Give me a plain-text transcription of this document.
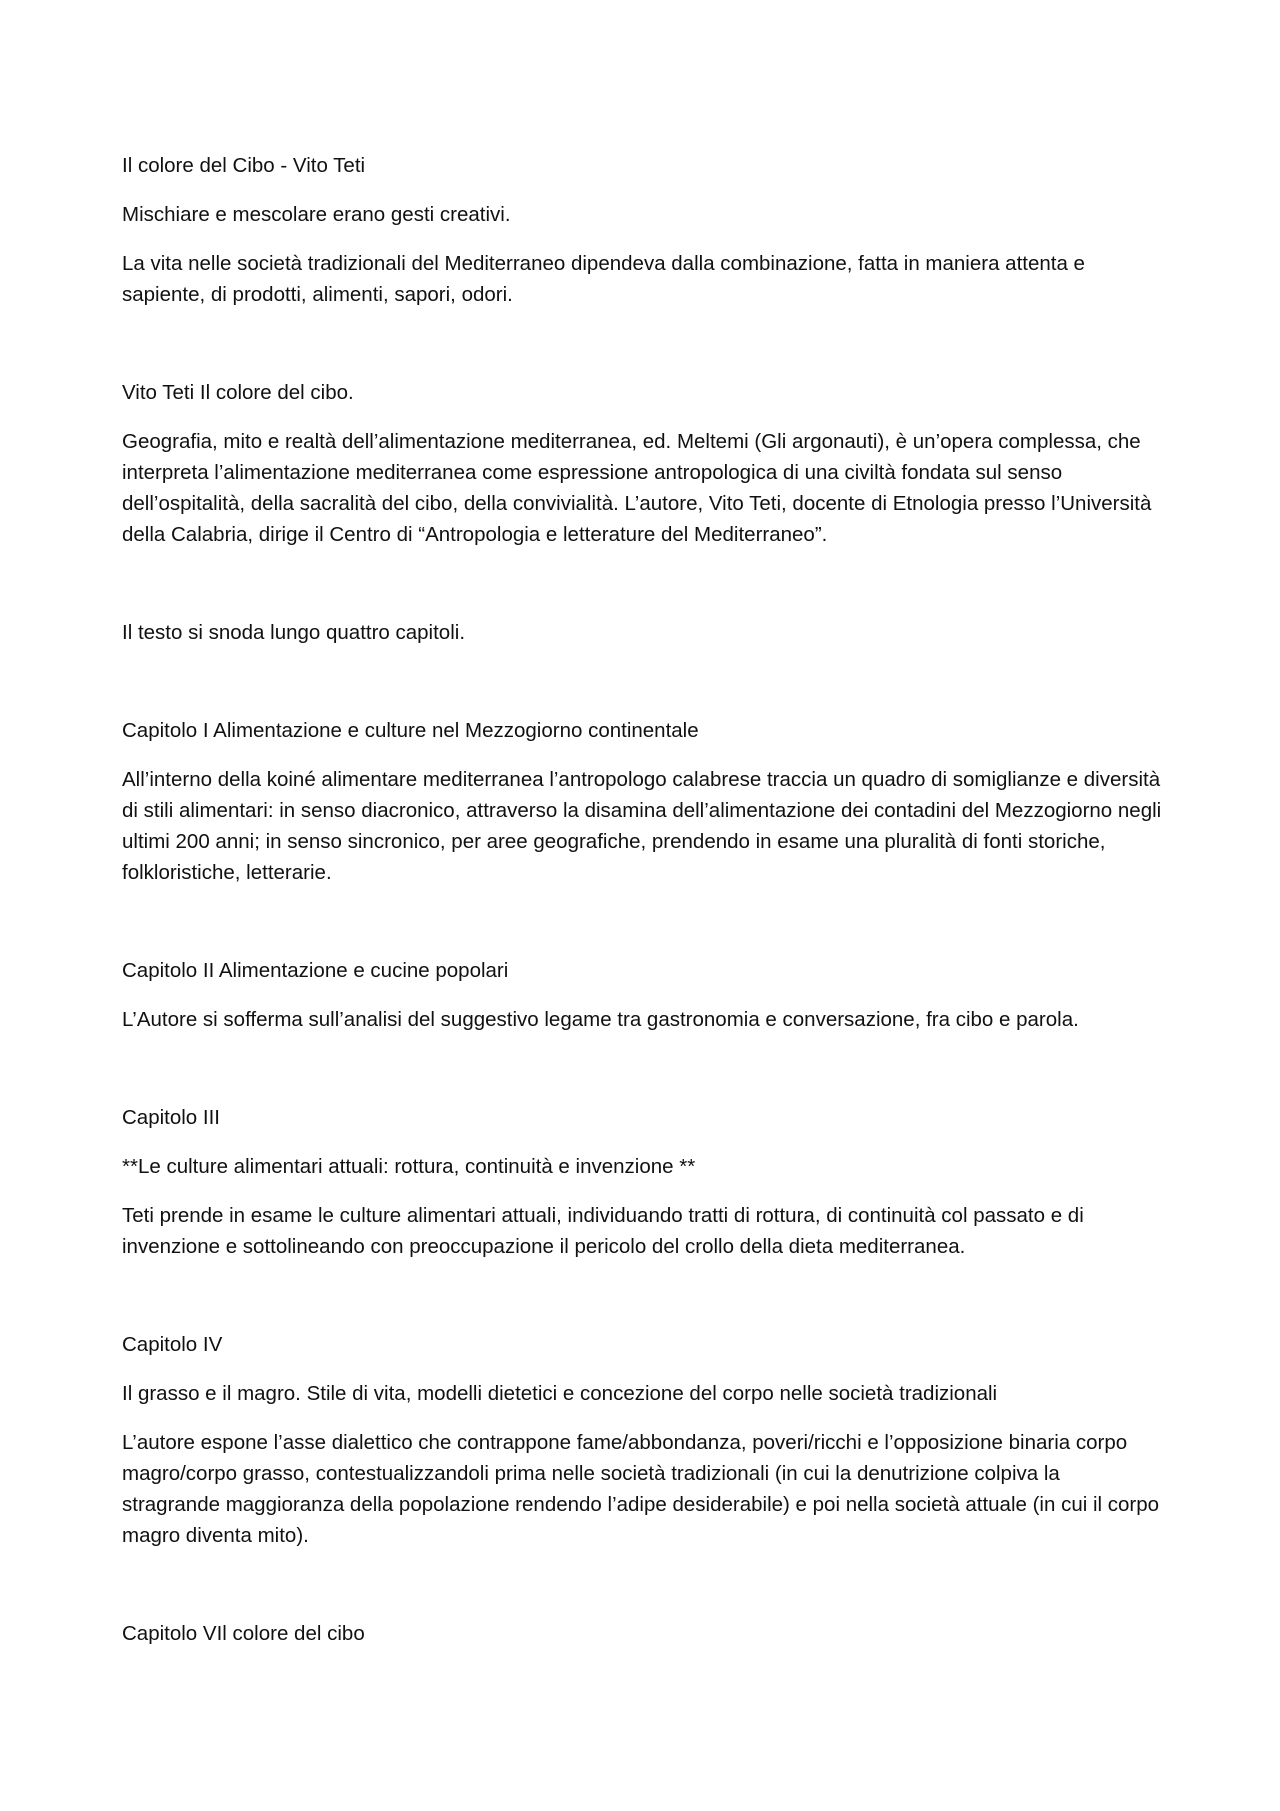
Il colore del Cibo - Vito Teti

Mischiare e mescolare erano gesti creativi.

La vita nelle società tradizionali del Mediterraneo dipendeva dalla combinazione, fatta in maniera attenta e sapiente, di prodotti, alimenti, sapori, odori.

Vito Teti Il colore del cibo.

Geografia, mito e realtà dell’alimentazione mediterranea, ed. Meltemi (Gli argonauti), è un’opera complessa, che interpreta l’alimentazione mediterranea come espressione antropologica di una civiltà fondata sul senso dell’ospitalità, della sacralità del cibo, della convivialità. L’autore, Vito Teti, docente di Etnologia presso l’Università della Calabria, dirige il Centro di “Antropologia e letterature del Mediterraneo”.

Il testo si snoda lungo quattro capitoli.

Capitolo I Alimentazione e culture nel Mezzogiorno continentale

All’interno della koiné alimentare mediterranea l’antropologo calabrese traccia un quadro di somiglianze e diversità di stili alimentari: in senso diacronico, attraverso la disamina dell’alimentazione dei contadini del Mezzogiorno negli ultimi 200 anni; in senso sincronico, per aree geografiche, prendendo in esame una pluralità di fonti storiche, folkloristiche, letterarie.

Capitolo II Alimentazione e cucine popolari

L’Autore si sofferma sull’analisi del suggestivo legame tra gastronomia e conversazione, fra cibo e parola.

Capitolo III

**Le culture alimentari attuali: rottura, continuità e invenzione **

Teti prende in esame le culture alimentari attuali, individuando tratti di rottura, di continuità col passato e di invenzione e sottolineando con preoccupazione il pericolo del crollo della dieta mediterranea.

Capitolo IV

Il grasso e il magro. Stile di vita, modelli dietetici e concezione del corpo nelle società tradizionali

L’autore espone l’asse dialettico che contrappone fame/abbondanza, poveri/ricchi e l’opposizione binaria corpo magro/corpo grasso, contestualizzandoli prima nelle società tradizionali (in cui la denutrizione colpiva la stragrande maggioranza della popolazione rendendo l’adipe desiderabile) e poi nella società attuale (in cui il corpo magro diventa mito).

Capitolo VIl colore del cibo
